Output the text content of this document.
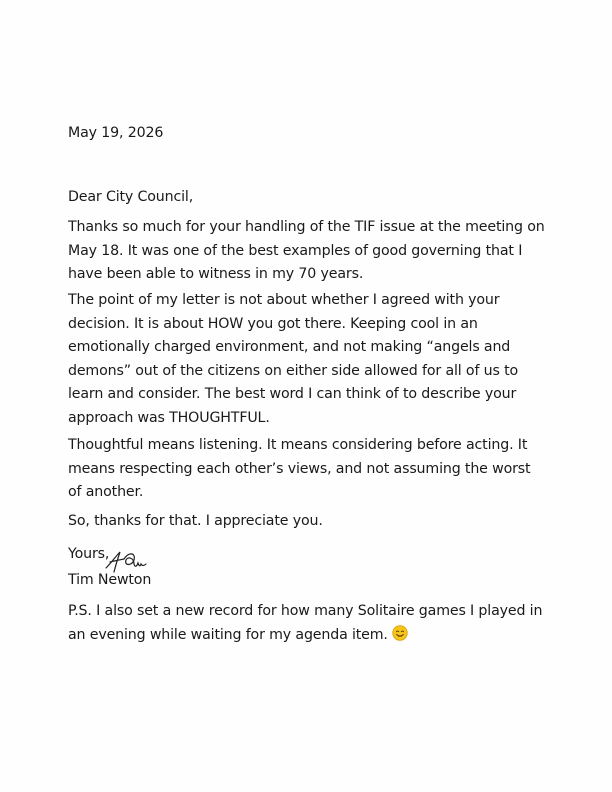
May 19, 2026

Dear City Council,

Thanks so much for your handling of the TIF issue at the meeting on May 18. It was one of the best examples of good governing that I have been able to witness in my 70 years.

The point of my letter is not about whether I agreed with your decision. It is about HOW you got there. Keeping cool in an emotionally charged environment, and not making “angels and demons” out of the citizens on either side allowed for all of us to learn and consider. The best word I can think of to describe your approach was THOUGHTFUL.

Thoughtful means listening. It means considering before acting. It means respecting each other’s views, and not assuming the worst of another.

So, thanks for that. I appreciate you.

Yours,

Tim Newton

P.S. I also set a new record for how many Solitaire games I played in an evening while waiting for my agenda item.
